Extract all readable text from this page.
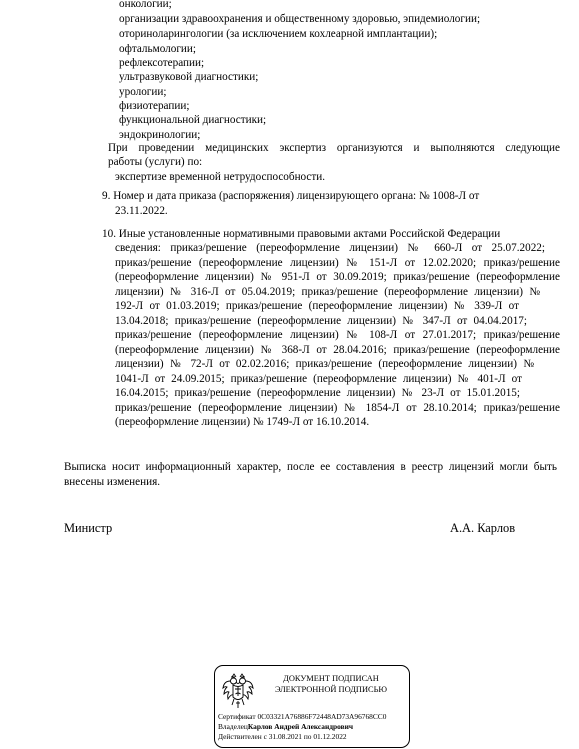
онкологии;
организации здравоохранения и общественному здоровью, эпидемиологии;
оториноларингологии (за исключением кохлеарной имплантации);
офтальмологии;
рефлексотерапии;
ультразвуковой диагностики;
урологии;
физиотерапии;
функциональной диагностики;
эндокринологии;
При проведении медицинских экспертиз организуются и выполняются следующие
работы (услуги) по:
экспертизе временной нетрудоспособности.
9. Номер и дата приказа (распоряжения) лицензирующего органа: № 1008-Л от
23.11.2022.
10. Иные установленные нормативными правовыми актами Российской Федерации
сведения: приказ/решение (переоформление лицензии) № 660-Л от 25.07.2022;
приказ/решение (переоформление лицензии) № 151-Л от 12.02.2020; приказ/решение
(переоформление лицензии) № 951-Л от 30.09.2019; приказ/решение (переоформление
лицензии) № 316-Л от 05.04.2019; приказ/решение (переоформление лицензии) №
192-Л от 01.03.2019; приказ/решение (переоформление лицензии) № 339-Л от
13.04.2018; приказ/решение (переоформление лицензии) № 347-Л от 04.04.2017;
приказ/решение (переоформление лицензии) № 108-Л от 27.01.2017; приказ/решение
(переоформление лицензии) № 368-Л от 28.04.2016; приказ/решение (переоформление
лицензии) № 72-Л от 02.02.2016; приказ/решение (переоформление лицензии) №
1041-Л от 24.09.2015; приказ/решение (переоформление лицензии) № 401-Л от
16.04.2015; приказ/решение (переоформление лицензии) № 23-Л от 15.01.2015;
приказ/решение (переоформление лицензии) № 1854-Л от 28.10.2014; приказ/решение
(переоформление лицензии) № 1749-Л от 16.10.2014.
Выписка носит информационный характер, после ее составления в реестр лицензий могли быть
внесены изменения.
Министр	А.А. Карлов
ДОКУМЕНТ ПОДПИСАН
ЭЛЕКТРОННОЙ ПОДПИСЬЮ
Сертификат 0C03321A76886F72448AD73A96768CC0
ВладелецКарлов Андрей Александрович
Действителен с 31.08.2021 по 01.12.2022
